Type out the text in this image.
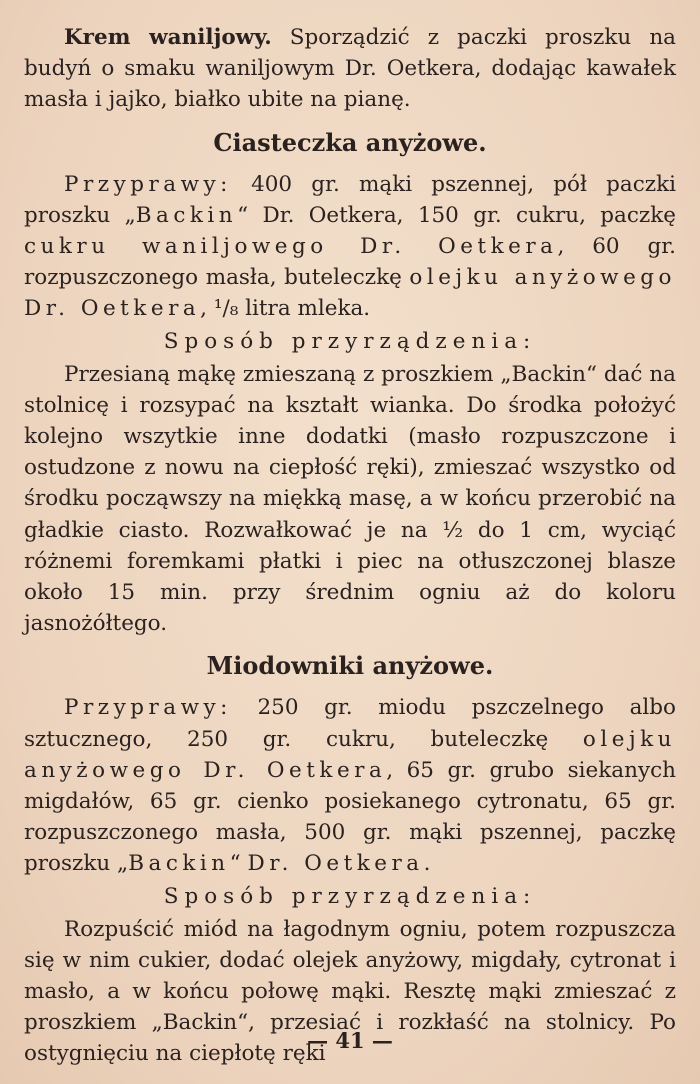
Krem waniljowy. Sporządzić z paczki proszku na budyń o smaku waniljowym Dr. Oetkera, dodając kawałek masła i jajko, białko ubite na pianę.

Ciasteczka anyżowe.

Przyprawy: 400 gr. mąki pszennej, pół paczki proszku „Backin“ Dr. Oetkera, 150 gr. cukru, paczkę cukru waniljowego Dr. Oetkera, 60 gr. rozpuszczonego masła, buteleczkę olejku anyżowego Dr. Oetkera, ¹/₈ litra mleka.

Sposób przyrządzenia:

Przesianą mąkę zmieszaną z proszkiem „Backin“ dać na stolnicę i rozsypać na kształt wianka. Do środka położyć kolejno wszytkie inne dodatki (masło rozpuszczone i ostudzone z nowu na ciepłość ręki), zmieszać wszystko od środku począwszy na miękką masę, a w końcu przerobić na gładkie ciasto. Rozwałkować je na ½ do 1 cm, wyciąć różnemi foremkami płatki i piec na otłuszczonej blasze około 15 min. przy średnim ogniu aż do koloru jasnożółtego.

Miodowniki anyżowe.

Przyprawy: 250 gr. miodu pszczelnego albo sztucznego, 250 gr. cukru, buteleczkę olejku anyżowego Dr. Oetkera, 65 gr. grubo siekanych migdałów, 65 gr. cienko posiekanego cytronatu, 65 gr. rozpuszczonego masła, 500 gr. mąki pszennej, paczkę proszku „Backin“ Dr. Oetkera.

Sposób przyrządzenia:

Rozpuścić miód na łagodnym ogniu, potem rozpuszcza się w nim cukier, dodać olejek anyżowy, migdały, cytronat i masło, a w końcu połowę mąki. Resztę mąki zmieszać z proszkiem „Backin“, przesiać i rozkłaść na stolnicy. Po ostygnięciu na ciepłotę ręki

— 41 —
